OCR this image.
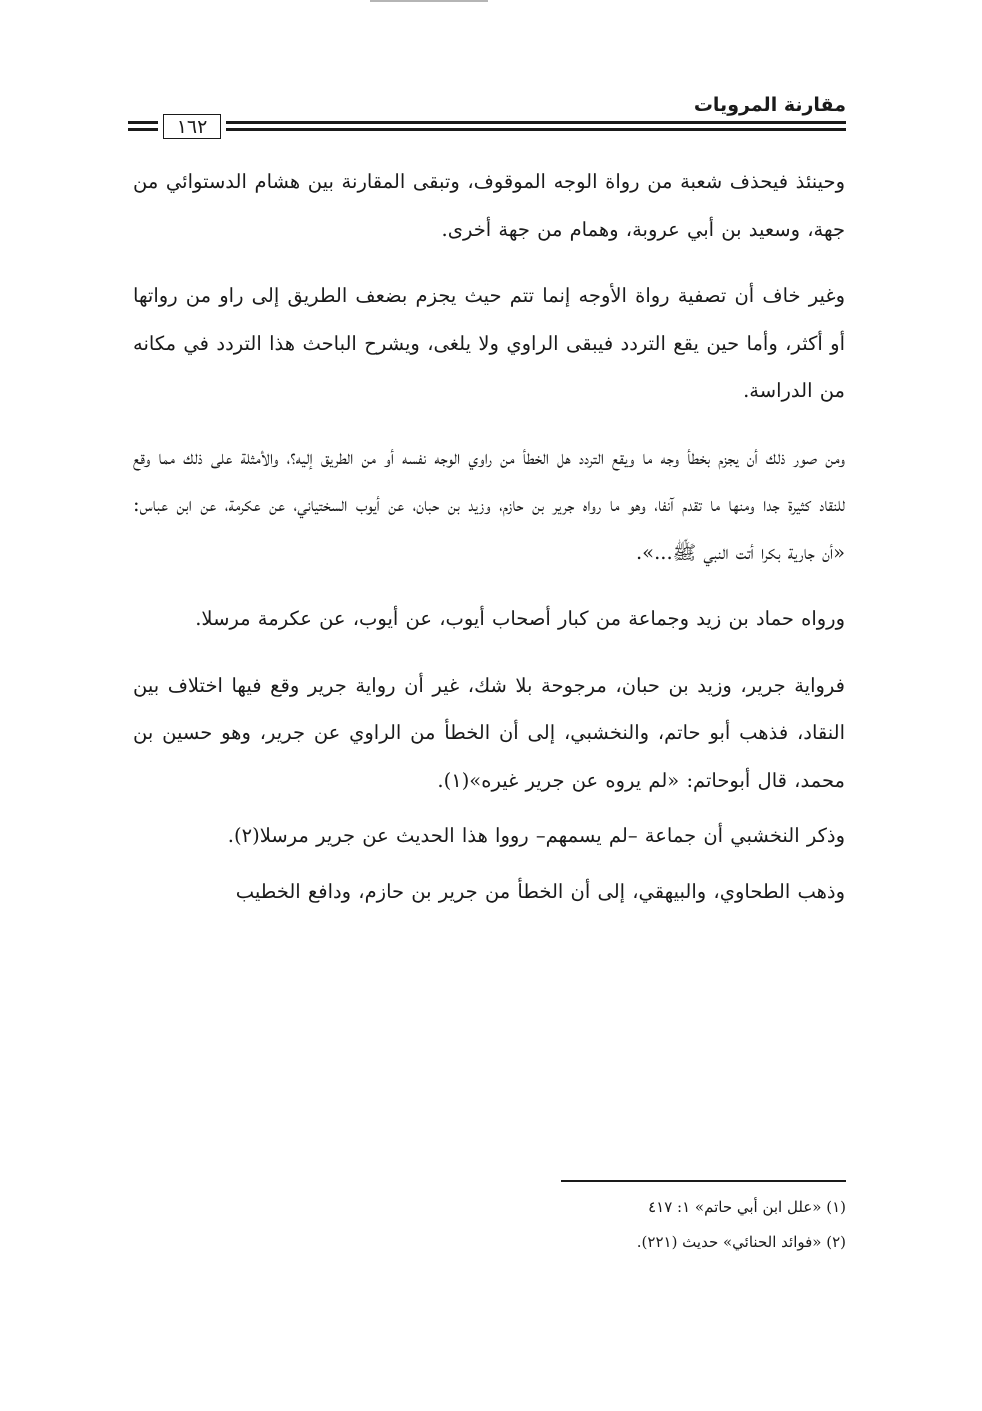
مقارنة المرويات
١٦٢

وحينئذ فيحذف شعبة من رواة الوجه الموقوف، وتبقى المقارنة بين هشام الدستوائي من جهة، وسعيد بن أبي عروبة، وهمام من جهة أخرى.

وغير خاف أن تصفية رواة الأوجه إنما تتم حيث يجزم بضعف الطريق إلى راو من رواتها أو أكثر، وأما حين يقع التردد فيبقى الراوي ولا يلغى، ويشرح الباحث هذا التردد في مكانه من الدراسة.

ومن صور ذلك أن يجزم بخطأ وجه ما ويقع التردد هل الخطأ من راوي الوجه نفسه أو من الطريق إليه؟، والأمثلة على ذلك مما وقع للنقاد كثيرة جدا ومنها ما تقدم آنفا، وهو ما رواه جرير بن حازم، وزيد بن حبان، عن أيوب السختياني، عن عكرمة، عن ابن عباس: «أن جارية بكرا أتت النبي ﷺ...».

ورواه حماد بن زيد وجماعة من كبار أصحاب أيوب، عن أيوب، عن عكرمة مرسلا.

فرواية جرير، وزيد بن حبان، مرجوحة بلا شك، غير أن رواية جرير وقع فيها اختلاف بين النقاد، فذهب أبو حاتم، والنخشبي، إلى أن الخطأ من الراوي عن جرير، وهو حسين بن محمد، قال أبوحاتم: «لم يروه عن جرير غيره»(١).

وذكر النخشبي أن جماعة –لم يسمهم– رووا هذا الحديث عن جرير مرسلا(٢).

وذهب الطحاوي، والبيهقي، إلى أن الخطأ من جرير بن حازم، ودافع الخطيب

(١) «علل ابن أبي حاتم» ١: ٤١٧

(٢) «فوائد الحنائي» حديث (٢٢١).
